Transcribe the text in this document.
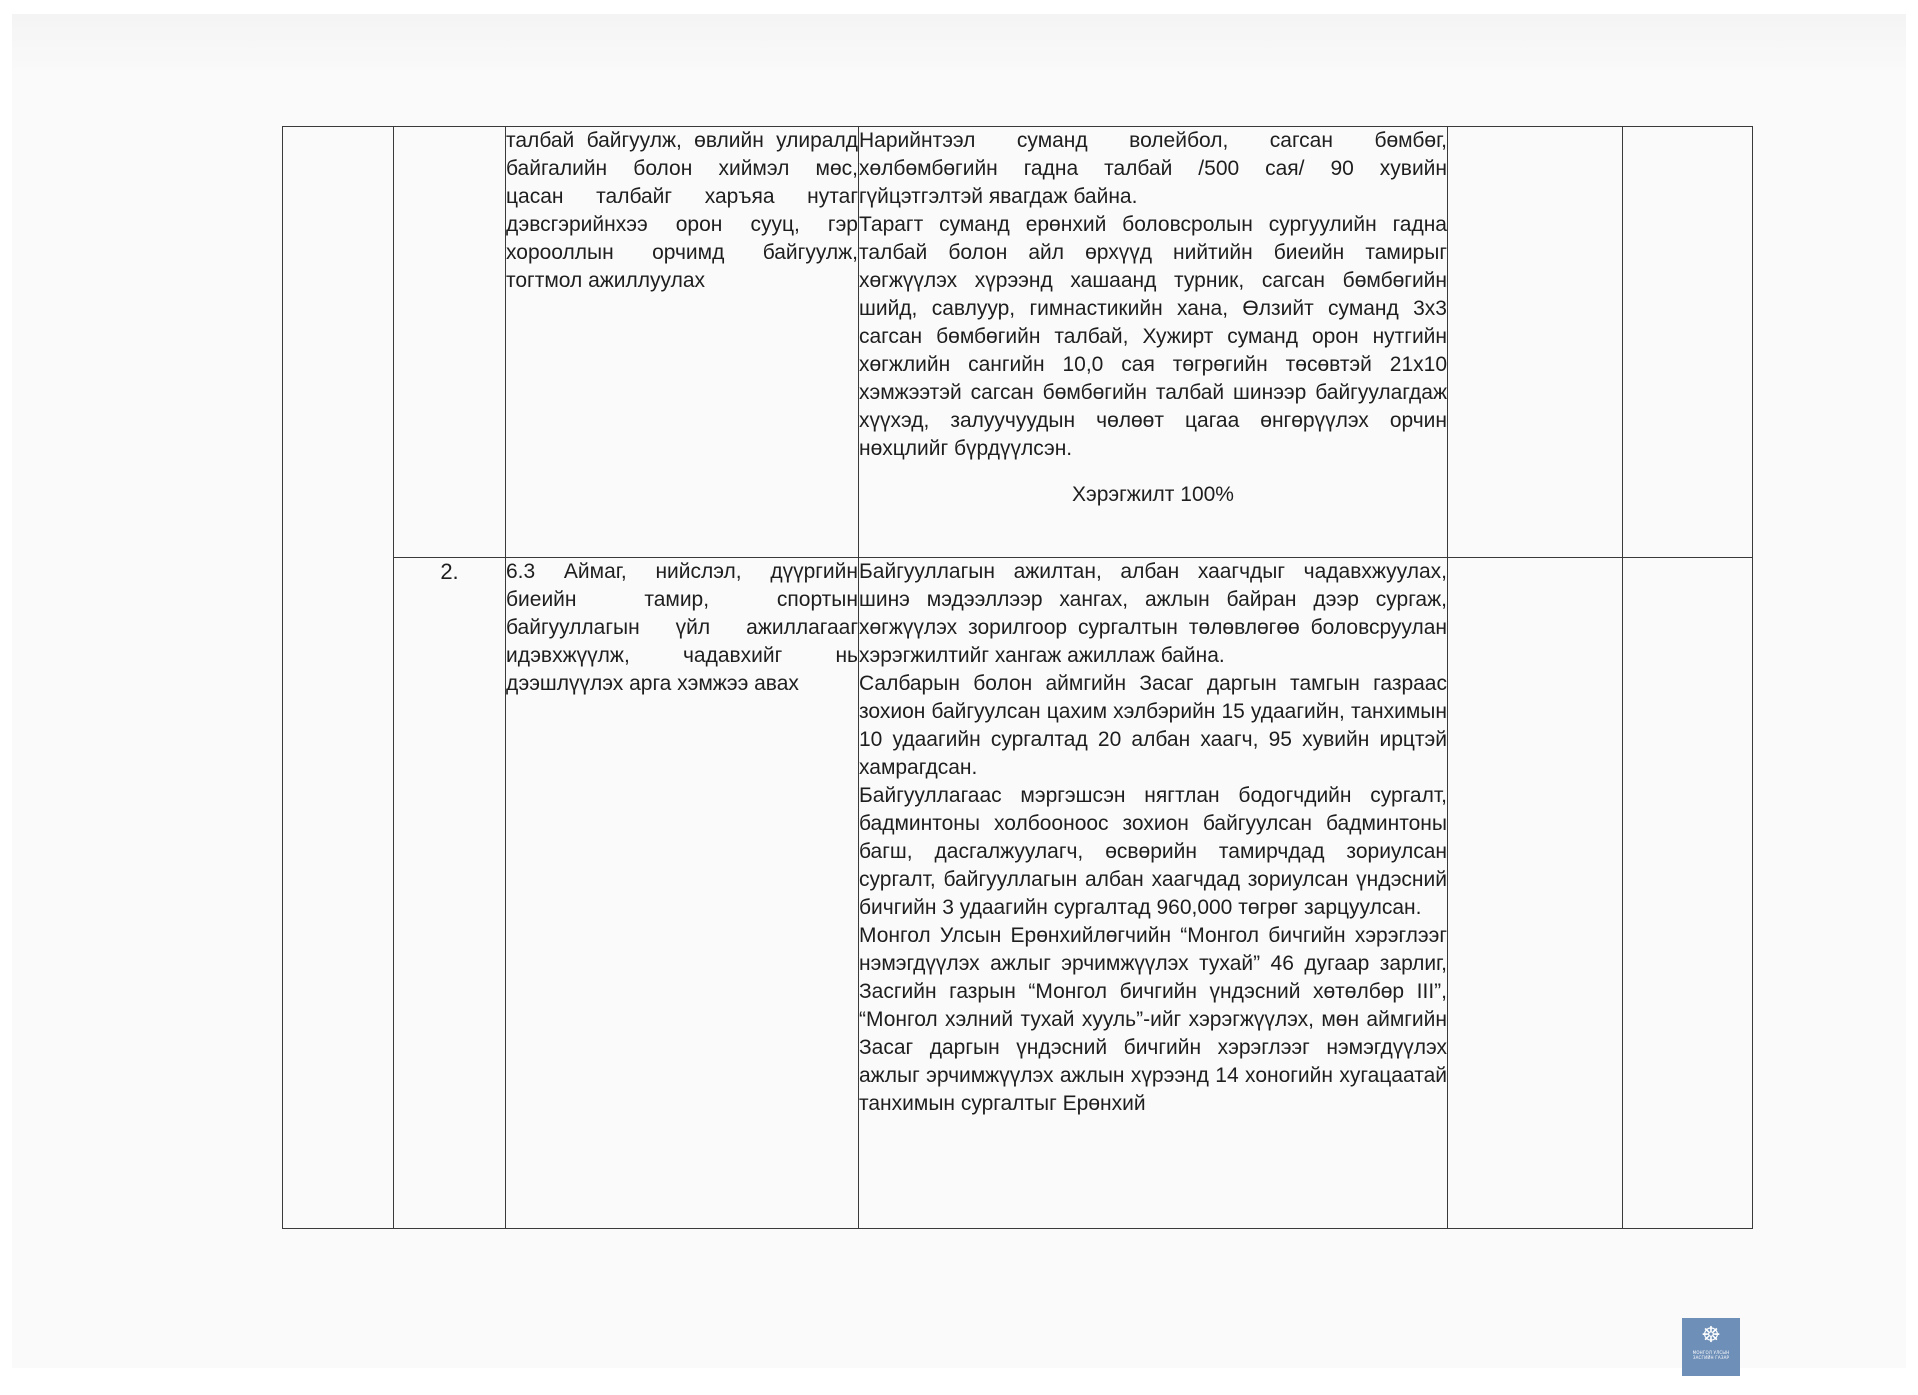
		талбай байгуулж, өвлийн улиралд байгалийн болон хиймэл мөс, цасан талбайг харъяа нутаг дэвсгэрийнхээ орон сууц, гэр хорооллын орчимд байгуулж, тогтмол ажиллуулах	Нарийнтээл суманд волейбол, сагсан бөмбөг, хөлбөмбөгийн гадна талбай /500 сая/ 90 хувийн гүйцэтгэлтэй явагдаж байна.

Тарагт суманд ерөнхий боловсролын сургуулийн гадна талбай болон айл өрхүүд нийтийн биеийн тамирыг хөгжүүлэх хүрээнд хашаанд турник, сагсан бөмбөгийн шийд, савлуур, гимнастикийн хана, Өлзийт суманд 3х3 сагсан бөмбөгийн талбай, Хужирт суманд орон нутгийн хөгжлийн сангийн 10,0 сая төгрөгийн төсөвтэй 21х10 хэмжээтэй сагсан бөмбөгийн талбай шинээр байгуулагдаж хүүхэд, залуучуудын чөлөөт цагаа өнгөрүүлэх орчин нөхцлийг бүрдүүлсэн.

Хэрэгжилт 100%		

	2.	6.3 Аймаг, нийслэл, дүүргийн биеийн тамир, спортын байгууллагын үйл ажиллагааг идэвхжүүлж, чадавхийг нь дээшлүүлэх арга хэмжээ авах	Байгууллагын ажилтан, албан хаагчдыг чадавхжуулах, шинэ мэдээллээр хангах, ажлын байран дээр сургаж, хөгжүүлэх зорилгоор сургалтын төлөвлөгөө боловсруулан хэрэгжилтийг хангаж ажиллаж байна.

Салбарын болон аймгийн Засаг даргын тамгын газраас зохион байгуулсан цахим хэлбэрийн 15 удаагийн, танхимын 10 удаагийн сургалтад 20 албан хаагч, 95 хувийн ирцтэй хамрагдсан.

Байгууллагаас мэргэшсэн нягтлан бодогчдийн сургалт, бадминтоны холбооноос зохион байгуулсан бадминтоны багш, дасгалжуулагч, өсвөрийн тамирчдад зориулсан сургалт, байгууллагын албан хаагчдад зориулсан үндэсний бичгийн 3 удаагийн сургалтад 960,000 төгрөг зарцуулсан.

Монгол Улсын Ерөнхийлөгчийн “Монгол бичгийн хэрэглээг нэмэгдүүлэх ажлыг эрчимжүүлэх тухай” 46 дугаар зарлиг, Засгийн газрын “Монгол бичгийн үндэсний хөтөлбөр III”, “Монгол хэлний тухай хууль”-ийг хэрэгжүүлэх, мөн аймгийн Засаг даргын үндэсний бичгийн хэрэглээг нэмэгдүүлэх ажлыг эрчимжүүлэх ажлын хүрээнд 14 хоногийн хугацаатай танхимын сургалтыг Ерөнхий		

☸
МОНГОЛ УЛСЫН ЗАСГИЙН ГАЗАР
